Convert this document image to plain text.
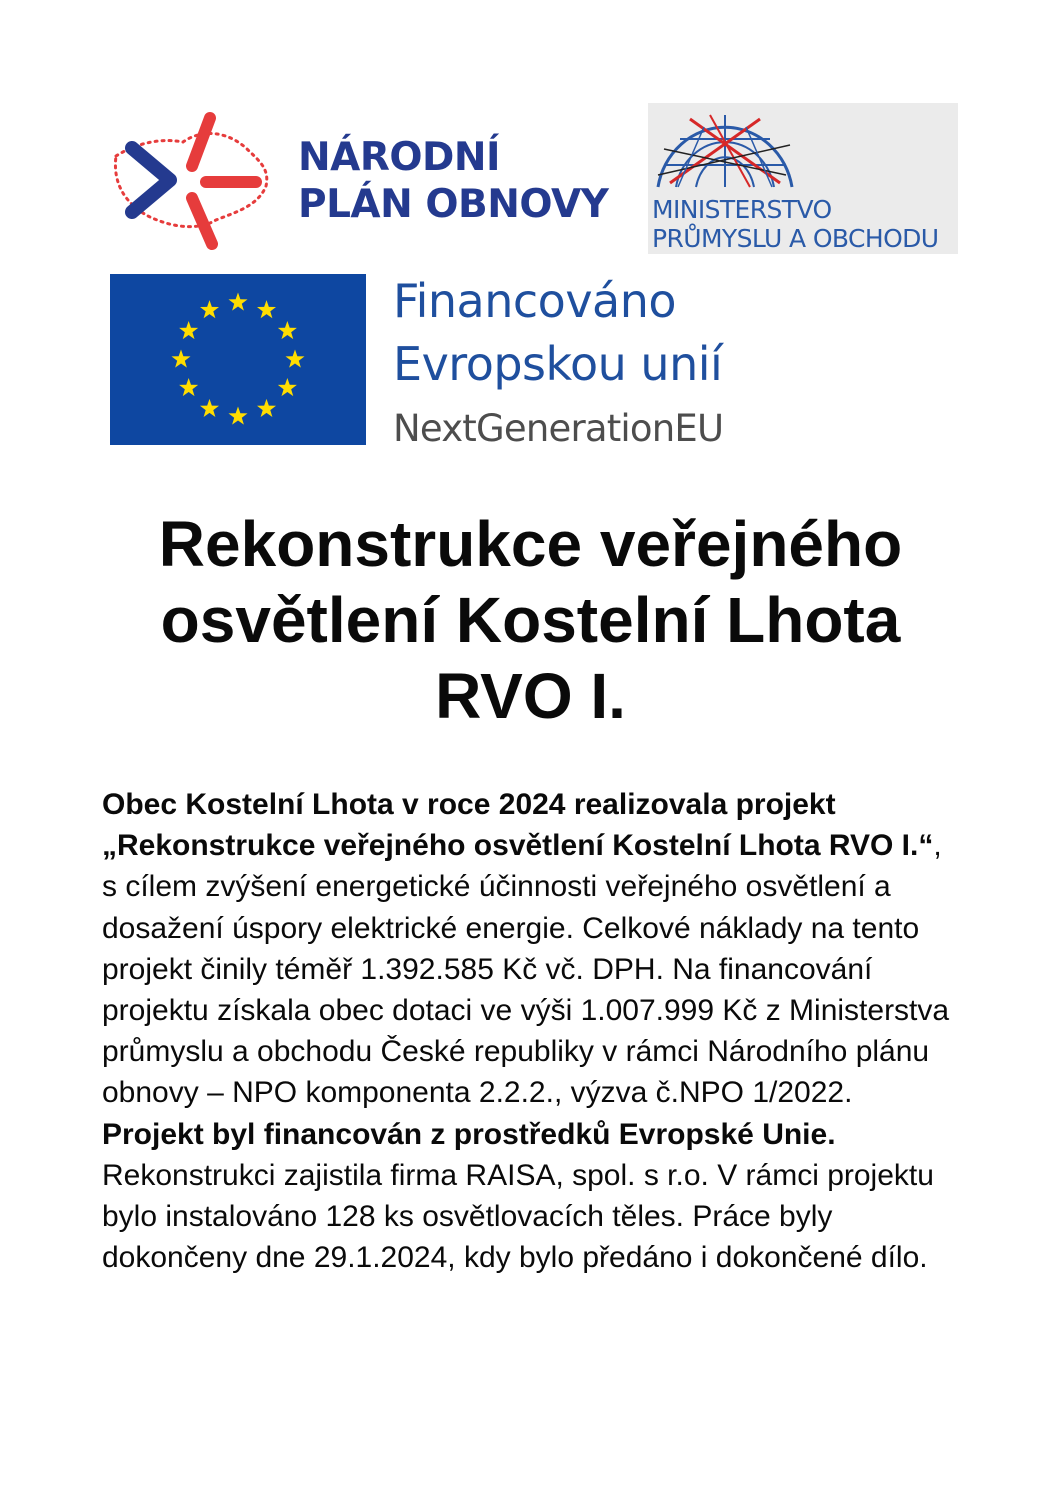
NÁRODNÍ
PLÁN OBNOVY MINISTERSTVO
PRŮMYSLU A OBCHODU
Financováno
Evropskou unií
NextGenerationEU
Rekonstrukce veřejného
osvětlení Kostelní Lhota
RVO I.

Obec Kostelní Lhota v roce 2024 realizovala projekt „Rekonstrukce veřejného osvětlení Kostelní Lhota RVO I.“, s cílem zvýšení energetické účinnosti veřejného osvětlení a dosažení úspory elektrické energie. Celkové náklady na tento projekt činily téměř 1.392.585 Kč vč. DPH. Na financování projektu získala obec dotaci ve výši 1.007.999 Kč z Ministerstva průmyslu a obchodu České republiky v rámci Národního plánu obnovy – NPO komponenta 2.2.2., výzva č.NPO 1/2022. Projekt byl financován z prostředků Evropské Unie. Rekonstrukci zajistila firma RAISA, spol. s r.o. V rámci projektu bylo instalováno 128 ks osvětlovacích těles. Práce byly dokončeny dne 29.1.2024, kdy bylo předáno i dokončené dílo.
